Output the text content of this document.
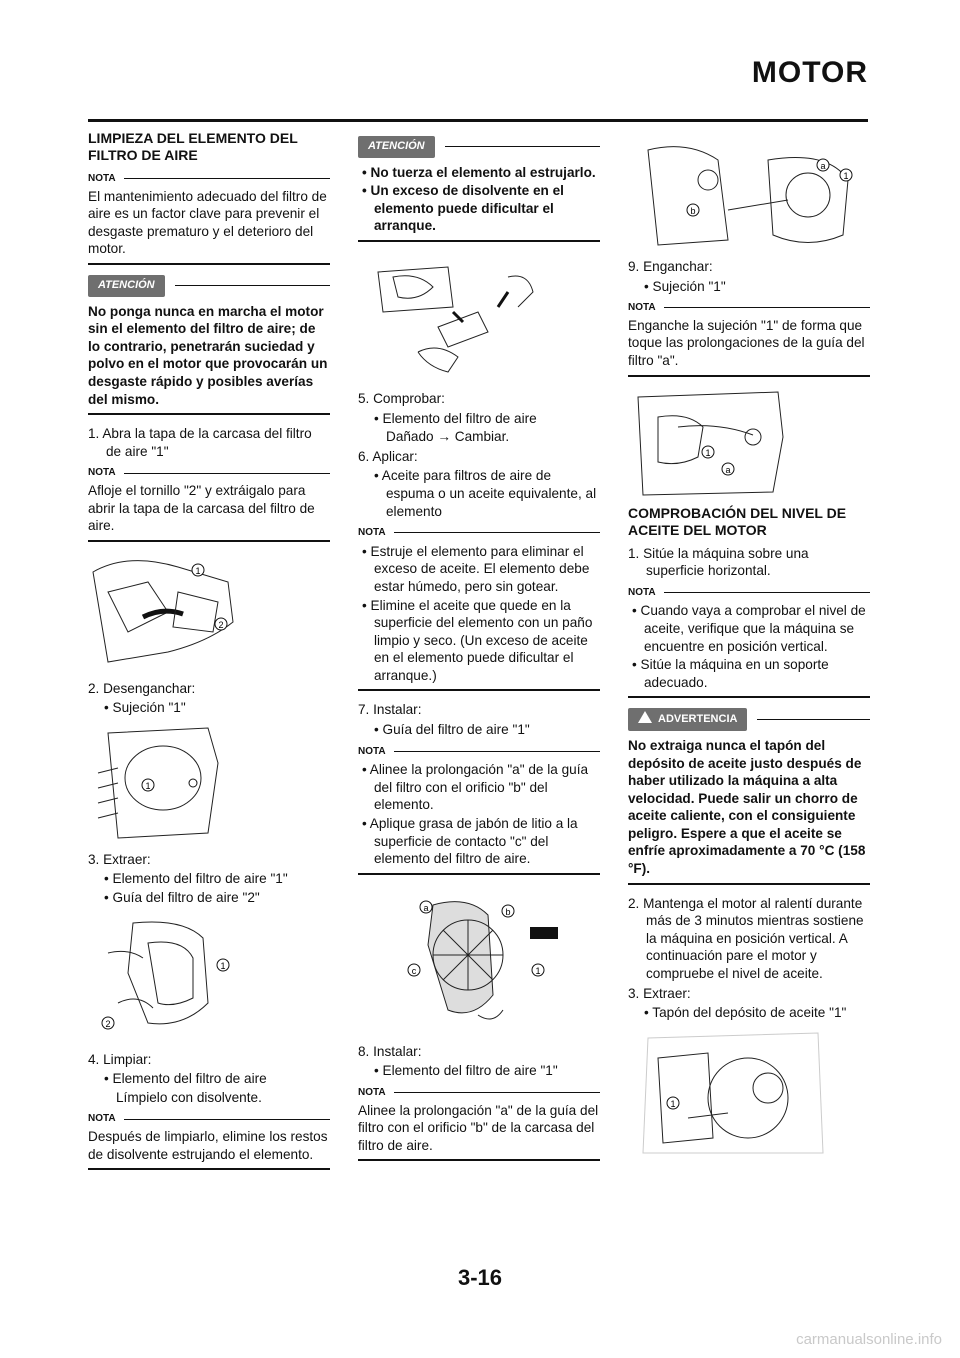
MOTOR
LIMPIEZA DEL ELEMENTO DEL FILTRO DE AIRE
NOTA
El mantenimiento adecuado del filtro de aire es un factor clave para prevenir el desgaste prematuro y el deterioro del motor.
ATENCIÓN
No ponga nunca en marcha el motor sin el elemento del filtro de aire; de lo contrario, penetrarán suciedad y polvo en el motor que provocarán un desgaste rápido y posibles averías del mismo.
1. Abra la tapa de la carcasa del filtro de aire "1"
NOTA
Afloje el tornillo "2" y extráigalo para abrir la tapa de la carcasa del filtro de aire.
1
2
2. Desenganchar:
• Sujeción "1"
1
3. Extraer:
• Elemento del filtro de aire "1"
• Guía del filtro de aire "2"
1
2
4. Limpiar:
• Elemento del filtro de aire
Límpielo con disolvente.
NOTA
Después de limpiarlo, elimine los restos de disolvente estrujando el elemento.
ATENCIÓN
• No tuerza el elemento al estrujarlo.
• Un exceso de disolvente en el elemento puede dificultar el arranque.
5. Comprobar:
• Elemento del filtro de aire
Dañado → Cambiar.
6. Aplicar:
• Aceite para filtros de aire de espuma o un aceite equivalente, al elemento
NOTA
• Estruje el elemento para eliminar el exceso de aceite. El elemento debe estar húmedo, pero sin gotear.
• Elimine el aceite que quede en la superficie del elemento con un paño limpio y seco. (Un exceso de aceite en el elemento puede dificultar el arranque.)
7. Instalar:
• Guía del filtro de aire "1"
NOTA
• Alinee la prolongación "a" de la guía del filtro con el orificio "b" del elemento.
• Aplique grasa de jabón de litio a la superficie de contacto "c" del elemento del filtro de aire.
a	b
c	1
8. Instalar:
• Elemento del filtro de aire "1"
NOTA
Alinee la prolongación "a" de la guía del filtro con el orificio "b" de la carcasa del filtro de aire.
a
1
b
9. Enganchar:
• Sujeción "1"
NOTA
Enganche la sujeción "1" de forma que toque las prolongaciones de la guía del filtro "a".
1
a
COMPROBACIÓN DEL NIVEL DE ACEITE DEL MOTOR
1. Sitúe la máquina sobre una superficie horizontal.
NOTA
• Cuando vaya a comprobar el nivel de aceite, verifique que la máquina se encuentre en posición vertical.
• Sitúe la máquina en un soporte adecuado.
ADVERTENCIA
No extraiga nunca el tapón del depósito de aceite justo después de haber utilizado la máquina a alta velocidad. Puede salir un chorro de aceite caliente, con el consiguiente peligro. Espere a que el aceite se enfríe aproximadamente a 70 °C (158 °F).
2. Mantenga el motor al ralentí durante más de 3 minutos mientras sostiene la máquina en posición vertical. A continuación pare el motor y compruebe el nivel de aceite.
3. Extraer:
• Tapón del depósito de aceite "1"
1
3-16
carmanualsonline.info
